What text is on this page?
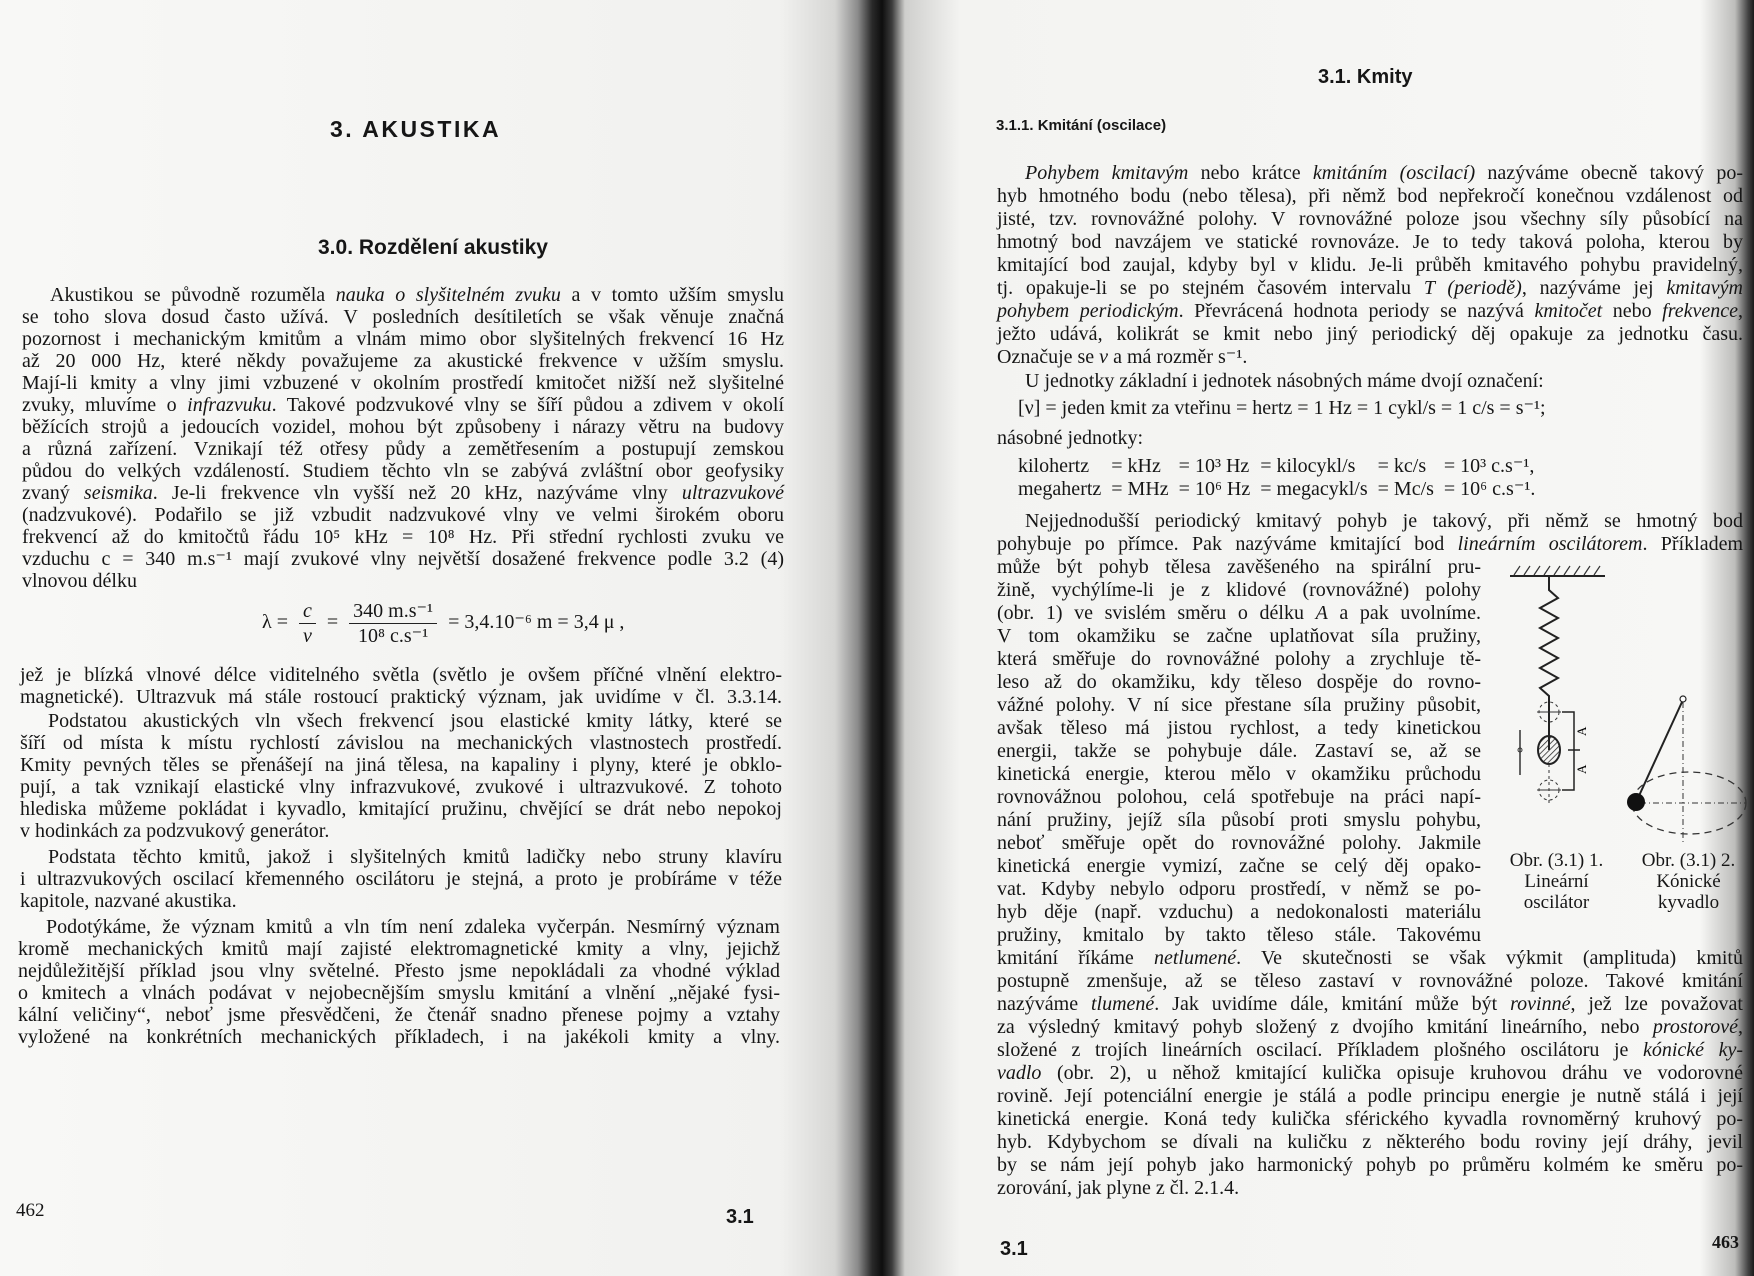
3. AKUSTIKA
3.0. Rozdělení akustiky
Akustikou se původně rozuměla nauka o slyšitelném zvuku a v tomto užším smyslu
se toho slova dosud často užívá. V posledních desítiletích se však věnuje značná
pozornost i mechanickým kmitům a vlnám mimo obor slyšitelných frekvencí 16 Hz
až 20 000 Hz, které někdy považujeme za akustické frekvence v užším smyslu.
Mají-li kmity a vlny jimi vzbuzené v okolním prostředí kmitočet nižší než slyšitelné
zvuky, mluvíme o infrazvuku. Takové podzvukové vlny se šíří půdou a zdivem v okolí
běžících strojů a jedoucích vozidel, mohou být způsobeny i nárazy větru na budovy
a různá zařízení. Vznikají též otřesy půdy a zemětřesením a postupují zemskou
půdou do velkých vzdáleností. Studiem těchto vln se zabývá zvláštní obor geofysiky
zvaný seismika. Je-li frekvence vln vyšší než 20 kHz, nazýváme vlny ultrazvukové
(nadzvukové). Podařilo se již vzbudit nadzvukové vlny ve velmi širokém oboru
frekvencí až do kmitočtů řádu 10⁵ kHz = 10⁸ Hz. Při střední rychlosti zvuku ve
vzduchu c = 340 m.s⁻¹ mají zvukové vlny největší dosažené frekvence podle 3.2 (4)
vlnovou délku
$\lambda = \frac{c}{\nu} = \frac{\text{340 m.s⁻¹}}{\text{10⁸ c.s⁻¹}} = 3,4.10^{-6}$ m = 3,4 μ ,
jež je blízká vlnové délce viditelného světla (světlo je ovšem příčné vlnění elektro-
magnetické). Ultrazvuk má stále rostoucí praktický význam, jak uvidíme v čl. 3.3.14.
Podstatou akustických vln všech frekvencí jsou elastické kmity látky, které se
šíří od místa k místu rychlostí závislou na mechanických vlastnostech prostředí.
Kmity pevných těles se přenášejí na jiná tělesa, na kapaliny i plyny, které je obklo-
pují, a tak vznikají elastické vlny infrazvukové, zvukové i ultrazvukové. Z tohoto
hlediska můžeme pokládat i kyvadlo, kmitající pružinu, chvějící se drát nebo nepokoj
v hodinkách za podzvukový generátor.
Podstata těchto kmitů, jakož i slyšitelných kmitů ladičky nebo struny klavíru
i ultrazvukových oscilací křemenného oscilátoru je stejná, a proto je probíráme v téže
kapitole, nazvané akustika.
Podotýkáme, že význam kmitů a vln tím není zdaleka vyčerpán. Nesmírný význam
kromě mechanických kmitů mají zajisté elektromagnetické kmity a vlny, jejichž
nejdůležitější příklad jsou vlny světelné. Přesto jsme nepokládali za vhodné výklad
o kmitech a vlnách podávat v nejobecnějším smyslu kmitání a vlnění „nějaké fysi-
kální veličiny“, neboť jsme přesvědčeni, že čtenář snadno přenese pojmy a vztahy
vyložené na konkrétních mechanických příkladech, i na jakékoli kmity a vlny.
462	3.1
3.1. Kmity
3.1.1. Kmitání (oscilace)
Pohybem kmitavým nebo krátce kmitáním (oscilací) nazýváme obecně takový po-
hyb hmotného bodu (nebo tělesa), při němž bod nepřekročí konečnou vzdálenost od
jisté, tzv. rovnovážné polohy. V rovnovážné poloze jsou všechny síly působící na
hmotný bod navzájem ve statické rovnováze. Je to tedy taková poloha, kterou by
kmitající bod zaujal, kdyby byl v klidu. Je-li průběh kmitavého pohybu pravidelný,
tj. opakuje-li se po stejném časovém intervalu T (periodě), nazýváme jej kmitavým
pohybem periodickým. Převrácená hodnota periody se nazývá kmitočet nebo frekvence,
ježto udává, kolikrát se kmit nebo jiný periodický děj opakuje za jednotku času.
Označuje se ν a má rozměr s⁻¹.
U jednotky základní i jednotek násobných máme dvojí označení:
[ν] = jeden kmit za vteřinu = hertz = 1 Hz = 1 cykl/s = 1 c/s = s⁻¹;
násobné jednotky:
kilohertz	= kHz	= 10³ Hz	= kilocykl/s	= kc/s	= 10³ c.s⁻¹,
megahertz	= MHz	= 10⁶ Hz	= megacykl/s	= Mc/s	= 10⁶ c.s⁻¹.
Nejjednodušší periodický kmitavý pohyb je takový, při němž se hmotný bod
pohybuje po přímce. Pak nazýváme kmitající bod lineárním oscilátorem. Příkladem
může být pohyb tělesa zavěšeného na spirální pru-
žině, vychýlíme-li je z klidové (rovnovážné) polohy
(obr. 1) ve svislém směru o délku A a pak uvolníme.
V tom okamžiku se začne uplatňovat síla pružiny,
která směřuje do rovnovážné polohy a zrychluje tě-
leso až do okamžiku, kdy těleso dospěje do rovno-
vážné polohy. V ní sice přestane síla pružiny působit,
avšak těleso má jistou rychlost, a tedy kinetickou
energii, takže se pohybuje dále. Zastaví se, až se
kinetická energie, kterou mělo v okamžiku průchodu
rovnovážnou polohou, celá spotřebuje na práci napí-
nání pružiny, jejíž síla působí proti smyslu pohybu,
neboť směřuje opět do rovnovážné polohy. Jakmile
kinetická energie vymizí, začne se celý děj opako-
vat. Kdyby nebylo odporu prostředí, v němž se po-
hyb děje (např. vzduchu) a nedokonalosti materiálu
pružiny, kmitalo by takto těleso stále. Takovému
kmitání říkáme netlumené. Ve skutečnosti se však výkmit (amplituda) kmitů
postupně zmenšuje, až se těleso zastaví v rovnovážné poloze. Takové kmitání
nazýváme tlumené. Jak uvidíme dále, kmitání může být rovinné, jež lze považovat
za výsledný kmitavý pohyb složený z dvojího kmitání lineárního, nebo prostorové,
složené z trojích lineárních oscilací. Příkladem plošného oscilátoru je kónické ky-
vadlo (obr. 2), u něhož kmitající kulička opisuje kruhovou dráhu ve vodorovné
rovině. Její potenciální energie je stálá a podle principu energie je nutně stálá i její
kinetická energie. Koná tedy kulička sférického kyvadla rovnoměrný kruhový po-
hyb. Kdybychom se dívali na kuličku z některého bodu roviny její dráhy, jevil
by se nám její pohyb jako harmonický pohyb po průměru kolmém ke směru po-
zorování, jak plyne z čl. 2.1.4.
A
A
Obr. (3.1) 1.
Lineární
oscilátor
Obr. (3.1) 2.
Kónické
kyvadlo
3.1	463
